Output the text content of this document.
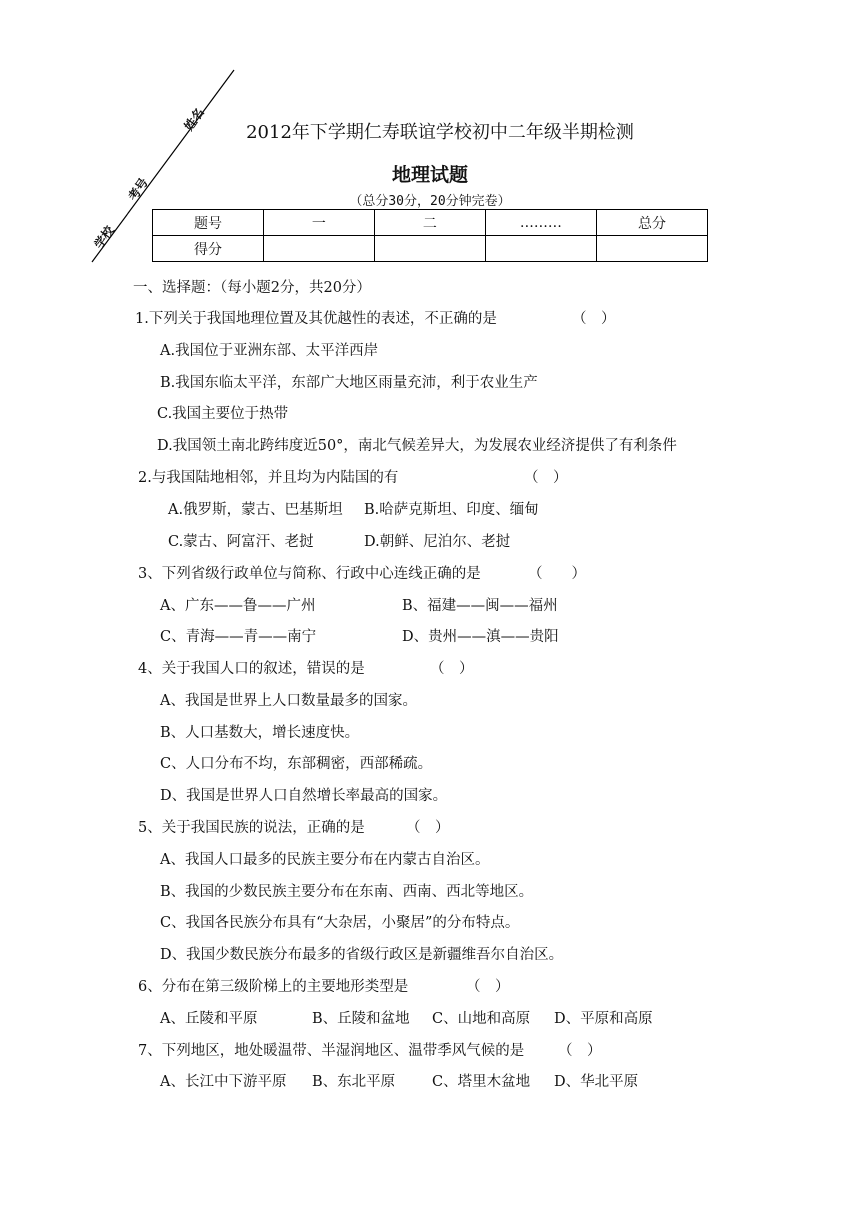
学校
考号
姓名	2012年下学期仁寿联谊学校初中二年级半期检测
地理试题
（总分30分，20分钟完卷）
题号	一	二	………	总分
得分				
一、选择题：（每小题2分，共20分）
1.下列关于我国地理位置及其优越性的表述，不正确的是	（　）
A.我国位于亚洲东部、太平洋西岸
B.我国东临太平洋，东部广大地区雨量充沛，利于农业生产
C.我国主要位于热带
D.我国领土南北跨纬度近50°，南北气候差异大，为发展农业经济提供了有利条件
2.与我国陆地相邻，并且均为内陆国的有	（　）
A.俄罗斯，蒙古、巴基斯坦 B.哈萨克斯坦、印度、缅甸
C.蒙古、阿富汗、老挝	D.朝鲜、尼泊尔、老挝
3、下列省级行政单位与简称、行政中心连线正确的是	（　　）
A、广东——鲁——广州	B、福建——闽——福州
C、青海——青——南宁	D、贵州——滇——贵阳
4、关于我国人口的叙述，错误的是	（　）
A、我国是世界上人口数量最多的国家。
B、人口基数大，增长速度快。
C、人口分布不均，东部稠密，西部稀疏。
D、我国是世界人口自然增长率最高的国家。
5、关于我国民族的说法，正确的是	（　）
A、我国人口最多的民族主要分布在内蒙古自治区。
B、我国的少数民族主要分布在东南、西南、西北等地区。
C、我国各民族分布具有“大杂居，小聚居”的分布特点。
D、我国少数民族分布最多的省级行政区是新疆维吾尔自治区。
6、分布在第三级阶梯上的主要地形类型是	（　）
A、丘陵和平原	B、丘陵和盆地 C、山地和高原 D、平原和高原
7、下列地区，地处暖温带、半湿润地区、温带季风气候的是 （　）
A、长江中下游平原 B、东北平原	C、塔里木盆地 D、华北平原
